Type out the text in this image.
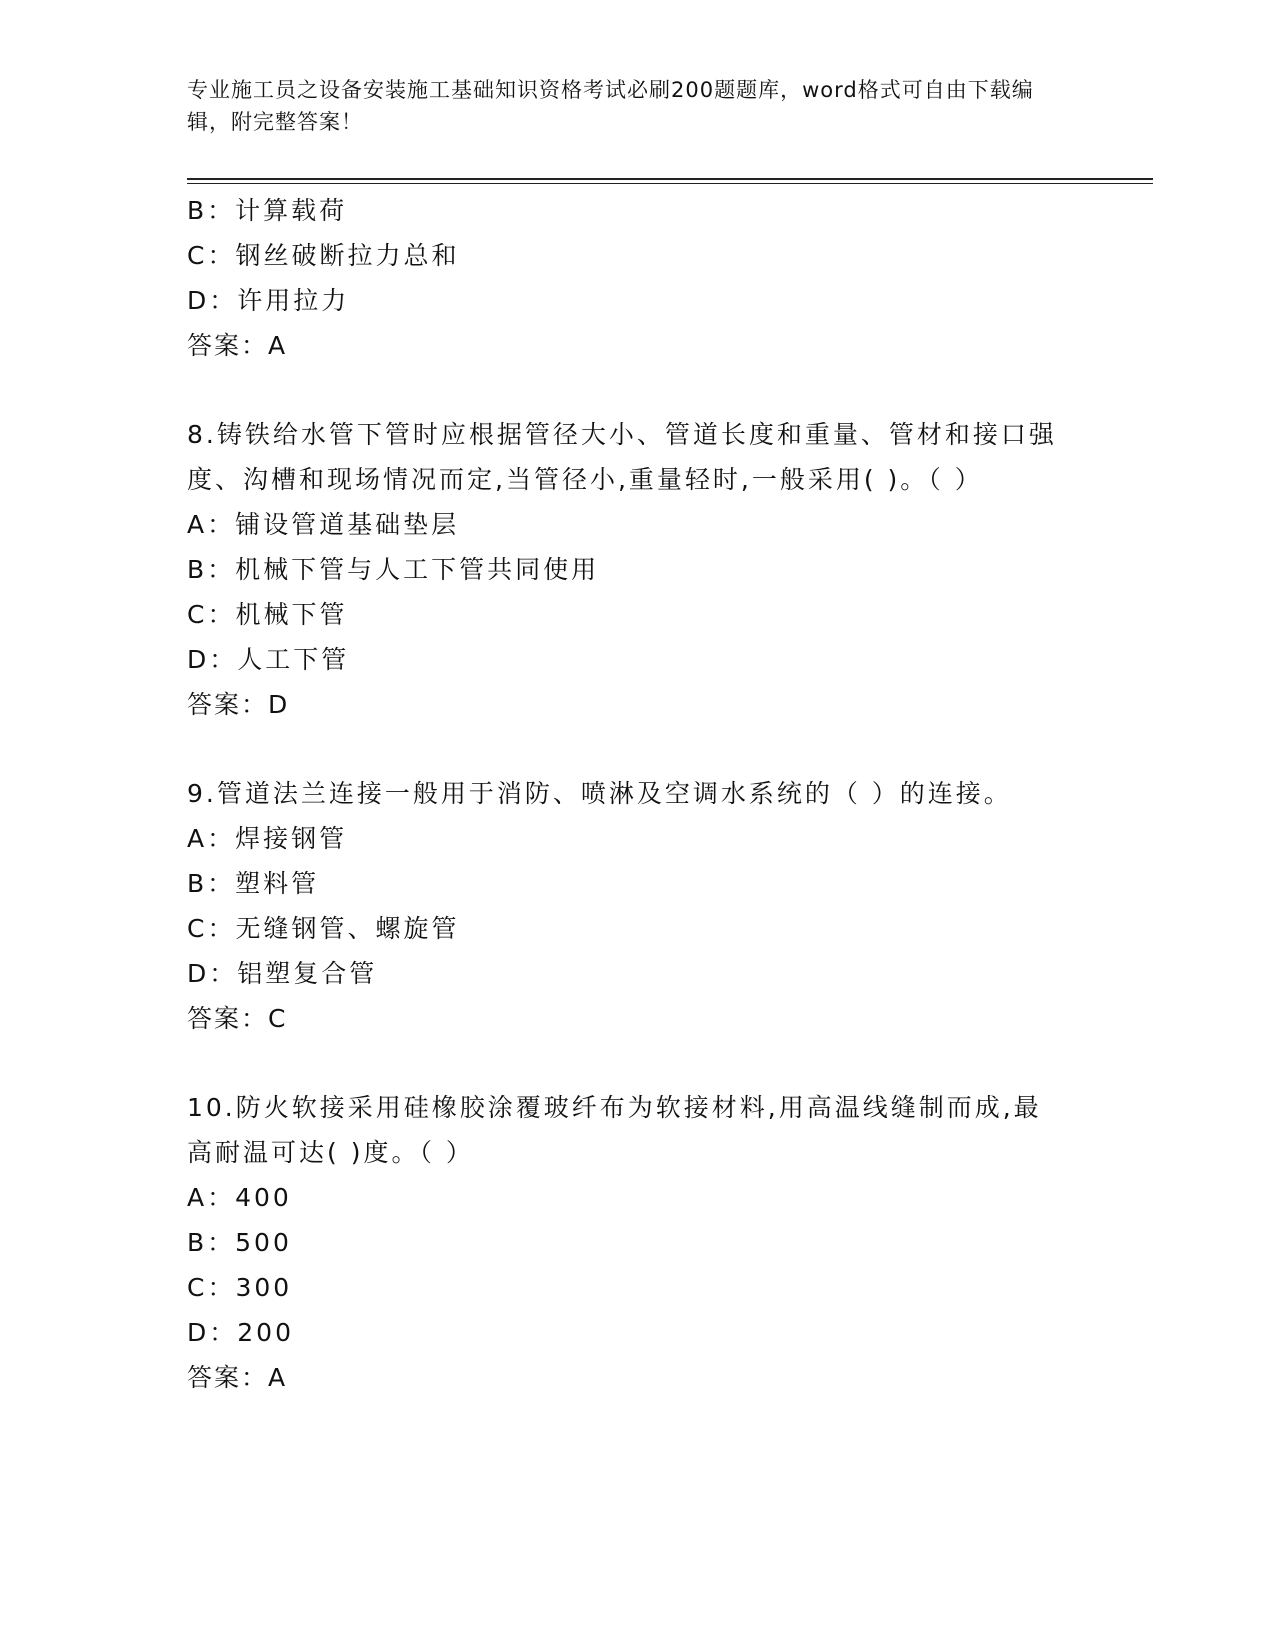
专业施工员之设备安装施工基础知识资格考试必刷200题题库，word格式可自由下载编辑，附完整答案！
B：计算载荷
C：钢丝破断拉力总和
D：许用拉力
答案：A
8.铸铁给水管下管时应根据管径大小、管道长度和重量、管材和接口强度、沟槽和现场情况而定,当管径小,重量轻时,一般采用( )。（ ）
A：铺设管道基础垫层
B：机械下管与人工下管共同使用
C：机械下管
D：人工下管
答案：D
9.管道法兰连接一般用于消防、喷淋及空调水系统的（ ）的连接。
A：焊接钢管
B：塑料管
C：无缝钢管、螺旋管
D：铝塑复合管
答案：C
10.防火软接采用硅橡胶涂覆玻纤布为软接材料,用高温线缝制而成,最高耐温可达( )度。（ ）
A：400
B：500
C：300
D：200
答案：A
